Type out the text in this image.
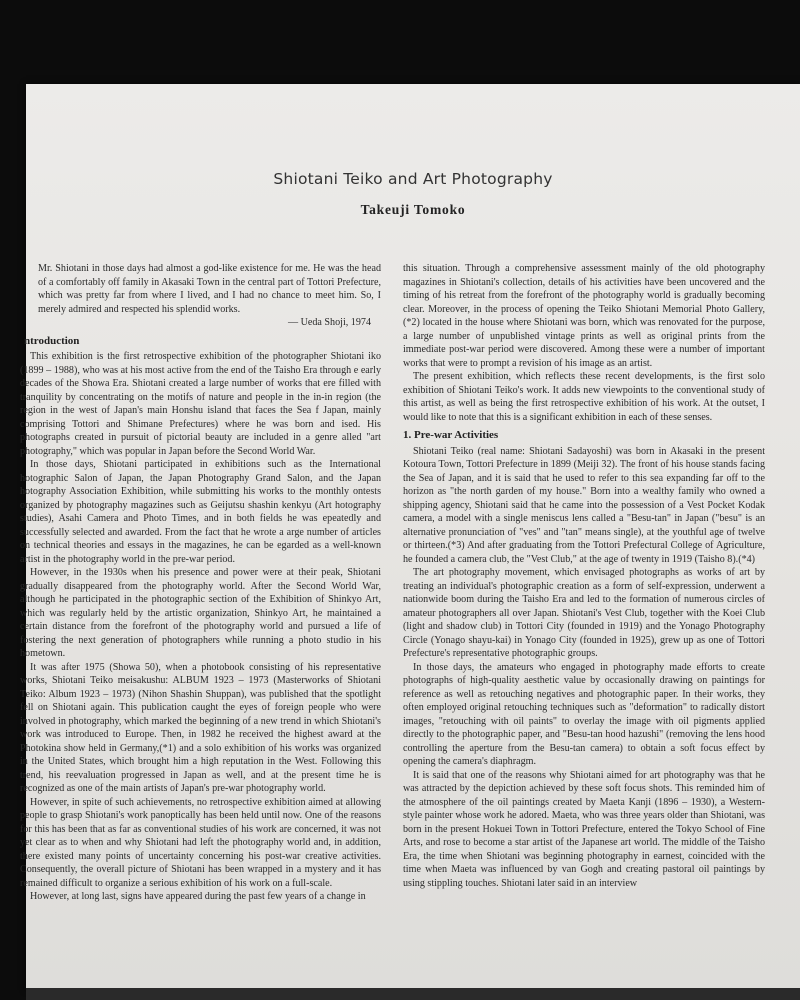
Shiotani Teiko and Art Photography
Takeuji Tomoko

Mr. Shiotani in those days had almost a god-like existence for me. He was the head of a comfortably off family in Akasaki Town in the central part of Tottori Prefecture, which was pretty far from where I lived, and I had no chance to meet him. So, I merely admired and respected his splendid works.

— Ueda Shoji, 1974

ntroduction

This exhibition is the first retrospective exhibition of the photographer Shiotani iko (1899 – 1988), who was at his most active from the end of the Taisho Era through e early decades of the Showa Era. Shiotani created a large number of works that ere filled with tranquility by concentrating on the motifs of nature and people in the in-in region (the region in the west of Japan's main Honshu island that faces the Sea f Japan, mainly comprising Tottori and Shimane Prefectures) where he was born and ised. His photographs created in pursuit of pictorial beauty are included in a genre alled "art photography," which was popular in Japan before the Second World War.

In those days, Shiotani participated in exhibitions such as the International hotographic Salon of Japan, the Japan Photography Grand Salon, and the Japan hotography Association Exhibition, while submitting his works to the monthly ontests organized by photography magazines such as Geijutsu shashin kenkyu (Art hotography studies), Asahi Camera and Photo Times, and in both fields he was epeatedly and successfully selected and awarded. From the fact that he wrote a arge number of articles on technical theories and essays in the magazines, he can be egarded as a well-known artist in the photography world in the pre-war period.

However, in the 1930s when his presence and power were at their peak, Shiotani gradually disappeared from the photography world. After the Second World War, although he participated in the photographic section of the Exhibition of Shinkyo Art, which was regularly held by the artistic organization, Shinkyo Art, he maintained a certain distance from the forefront of the photography world and pursued a life of fostering the next generation of photographers while running a photo studio in his hometown.

It was after 1975 (Showa 50), when a photobook consisting of his representative works, Shiotani Teiko meisakushu: ALBUM 1923 – 1973 (Masterworks of Shiotani Teiko: Album 1923 – 1973) (Nihon Shashin Shuppan), was published that the spotlight fell on Shiotani again. This publication caught the eyes of foreign people who were involved in photography, which marked the beginning of a new trend in which Shiotani's work was introduced to Europe. Then, in 1982 he received the highest award at the Photokina show held in Germany,(*1) and a solo exhibition of his works was organized in the United States, which brought him a high reputation in the West. Following this trend, his reevaluation progressed in Japan as well, and at the present time he is recognized as one of the main artists of Japan's pre-war photography world.

However, in spite of such achievements, no retrospective exhibition aimed at allowing people to grasp Shiotani's work panoptically has been held until now. One of the reasons for this has been that as far as conventional studies of his work are concerned, it was not yet clear as to when and why Shiotani had left the photography world and, in addition, there existed many points of uncertainty concerning his post-war creative activities. Consequently, the overall picture of Shiotani has been wrapped in a mystery and it has remained difficult to organize a serious exhibition of his work on a full-scale.

However, at long last, signs have appeared during the past few years of a change in

this situation. Through a comprehensive assessment mainly of the old photography magazines in Shiotani's collection, details of his activities have been uncovered and the timing of his retreat from the forefront of the photography world is gradually becoming clear. Moreover, in the process of opening the Teiko Shiotani Memorial Photo Gallery,(*2) located in the house where Shiotani was born, which was renovated for the purpose, a large number of unpublished vintage prints as well as original prints from the immediate post-war period were discovered. Among these were a number of important works that were to prompt a revision of his image as an artist.

The present exhibition, which reflects these recent developments, is the first solo exhibition of Shiotani Teiko's work. It adds new viewpoints to the conventional study of this artist, as well as being the first retrospective exhibition of his work. At the outset, I would like to note that this is a significant exhibition in each of these senses.

1. Pre-war Activities

Shiotani Teiko (real name: Shiotani Sadayoshi) was born in Akasaki in the present Kotoura Town, Tottori Prefecture in 1899 (Meiji 32). The front of his house stands facing the Sea of Japan, and it is said that he used to refer to this sea expanding far off to the horizon as "the north garden of my house." Born into a wealthy family who owned a shipping agency, Shiotani said that he came into the possession of a Vest Pocket Kodak camera, a model with a single meniscus lens called a "Besu-tan" in Japan ("besu" is an alternative pronunciation of "ves" and "tan" means single), at the youthful age of twelve or thirteen.(*3) And after graduating from the Tottori Prefectural College of Agriculture, he founded a camera club, the "Vest Club," at the age of twenty in 1919 (Taisho 8).(*4)

The art photography movement, which envisaged photographs as works of art by treating an individual's photographic creation as a form of self-expression, underwent a nationwide boom during the Taisho Era and led to the formation of numerous circles of amateur photographers all over Japan. Shiotani's Vest Club, together with the Koei Club (light and shadow club) in Tottori City (founded in 1919) and the Yonago Photography Circle (Yonago shayu-kai) in Yonago City (founded in 1925), grew up as one of Tottori Prefecture's representative photographic groups.

In those days, the amateurs who engaged in photography made efforts to create photographs of high-quality aesthetic value by occasionally drawing on paintings for reference as well as retouching negatives and photographic paper. In their works, they often employed original retouching techniques such as "deformation" to radically distort images, "retouching with oil paints" to overlay the image with oil pigments applied directly to the photographic paper, and "Besu-tan hood hazushi" (removing the lens hood controlling the aperture from the Besu-tan camera) to obtain a soft focus effect by opening the camera's diaphragm.

It is said that one of the reasons why Shiotani aimed for art photography was that he was attracted by the depiction achieved by these soft focus shots. This reminded him of the atmosphere of the oil paintings created by Maeta Kanji (1896 – 1930), a Western-style painter whose work he adored. Maeta, who was three years older than Shiotani, was born in the present Hokuei Town in Tottori Prefecture, entered the Tokyo School of Fine Arts, and rose to become a star artist of the Japanese art world. The middle of the Taisho Era, the time when Shiotani was beginning photography in earnest, coincided with the time when Maeta was influenced by van Gogh and creating pastoral oil paintings by using stippling touches. Shiotani later said in an interview
